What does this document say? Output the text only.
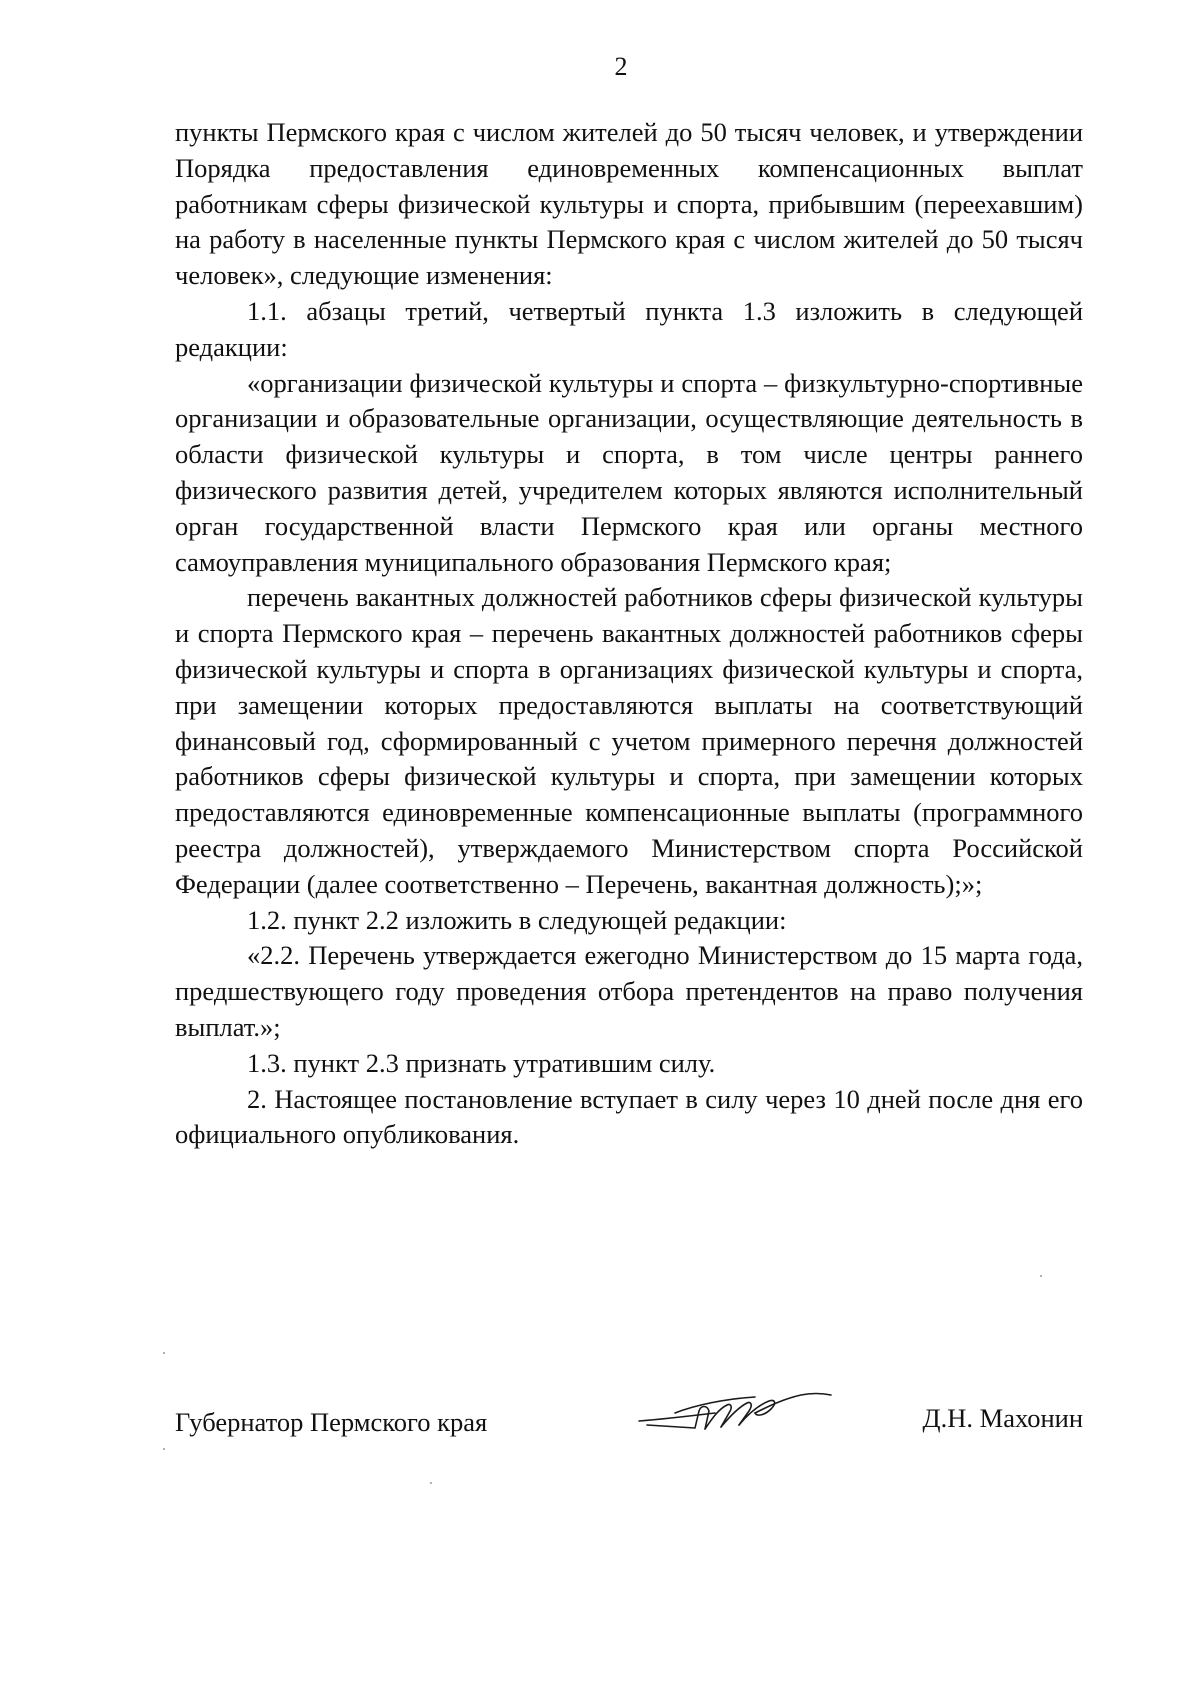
2

пункты Пермского края с числом жителей до 50 тысяч человек, и утверждении Порядка предоставления единовременных компенсационных выплат работникам сферы физической культуры и спорта, прибывшим (переехавшим) на работу в населенные пункты Пермского края с числом жителей до 50 тысяч человек», следующие изменения:

1.1. абзацы третий, четвертый пункта 1.3 изложить в следующей редакции:

«организации физической культуры и спорта – физкультурно-спортивные организации и образовательные организации, осуществляющие деятельность в области физической культуры и спорта, в том числе центры раннего физического развития детей, учредителем которых являются исполнительный орган государственной власти Пермского края или органы местного самоуправления муниципального образования Пермского края;

перечень вакантных должностей работников сферы физической культуры и спорта Пермского края – перечень вакантных должностей работников сферы физической культуры и спорта в организациях физической культуры и спорта, при замещении которых предоставляются выплаты на соответствующий финансовый год, сформированный с учетом примерного перечня должностей работников сферы физической культуры и спорта, при замещении которых предоставляются единовременные компенсационные выплаты (программного реестра должностей), утверждаемого Министерством спорта Российской Федерации (далее соответственно – Перечень, вакантная должность);»;

1.2. пункт 2.2 изложить в следующей редакции:

«2.2. Перечень утверждается ежегодно Министерством до 15 марта года, предшествующего году проведения отбора претендентов на право получения выплат.»;

1.3. пункт 2.3 признать утратившим силу.

2. Настоящее постановление вступает в силу через 10 дней после дня его официального опубликования.

Губернатор Пермского края	Д.Н. Махонин
